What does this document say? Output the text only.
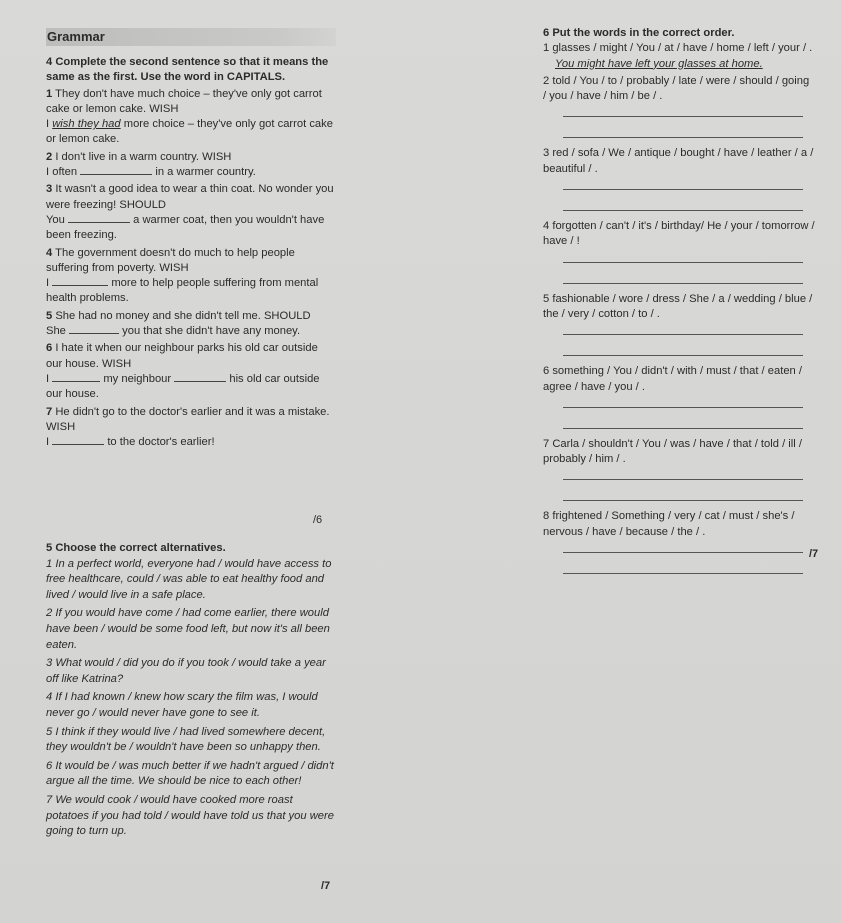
Grammar
4 Complete the second sentence so that it means the same as the first. Use the word in CAPITALS.
1 They don't have much choice – they've only got carrot cake or lemon cake. WISH
I wish they had more choice – they've only got carrot cake or lemon cake.
2 I don't live in a warm country. WISH
I often	in a warmer country.
3 It wasn't a good idea to wear a thin coat. No wonder you were freezing! SHOULD
You	a warmer coat, then you wouldn't have been freezing.
4 The government doesn't do much to help people suffering from poverty. WISH
I	more to help people suffering from mental health problems.
5 She had no money and she didn't tell me. SHOULD
She	you that she didn't have any money.
6 I hate it when our neighbour parks his old car outside our house. WISH
I	my neighbour	his old car outside our house.
7 He didn't go to the doctor's earlier and it was a mistake. WISH
I	to the doctor's earlier!
/6
5 Choose the correct alternatives.
1 In a perfect world, everyone had / would have access to free healthcare, could / was able to eat healthy food and lived / would live in a safe place.
2 If you would have come / had come earlier, there would have been / would be some food left, but now it's all been eaten.
3 What would / did you do if you took / would take a year off like Katrina?
4 If I had known / knew how scary the film was, I would never go / would never have gone to see it.
5 I think if they would live / had lived somewhere decent, they wouldn't be / wouldn't have been so unhappy then.
6 It would be / was much better if we hadn't argued / didn't argue all the time. We should be nice to each other!
7 We would cook / would have cooked more roast potatoes if you had told / would have told us that you were going to turn up.
/7
6 Put the words in the correct order.
1 glasses / might / You / at / have / home / left / your / .
You might have left your glasses at home.
2 told / You / to / probably / late / were / should / going / you / have / him / be / .
3 red / sofa / We / antique / bought / have / leather / a / beautiful / .
4 forgotten / can't / it's / birthday/ He / your / tomorrow / have / !
5 fashionable / wore / dress / She / a / wedding / blue / the / very / cotton / to / .
6 something / You / didn't / with / must / that / eaten / agree / have / you / .
7 Carla / shouldn't / You / was / have / that / told / ill / probably / him / .
8 frightened / Something / very / cat / must / she's / nervous / have / because / the / .
/7
